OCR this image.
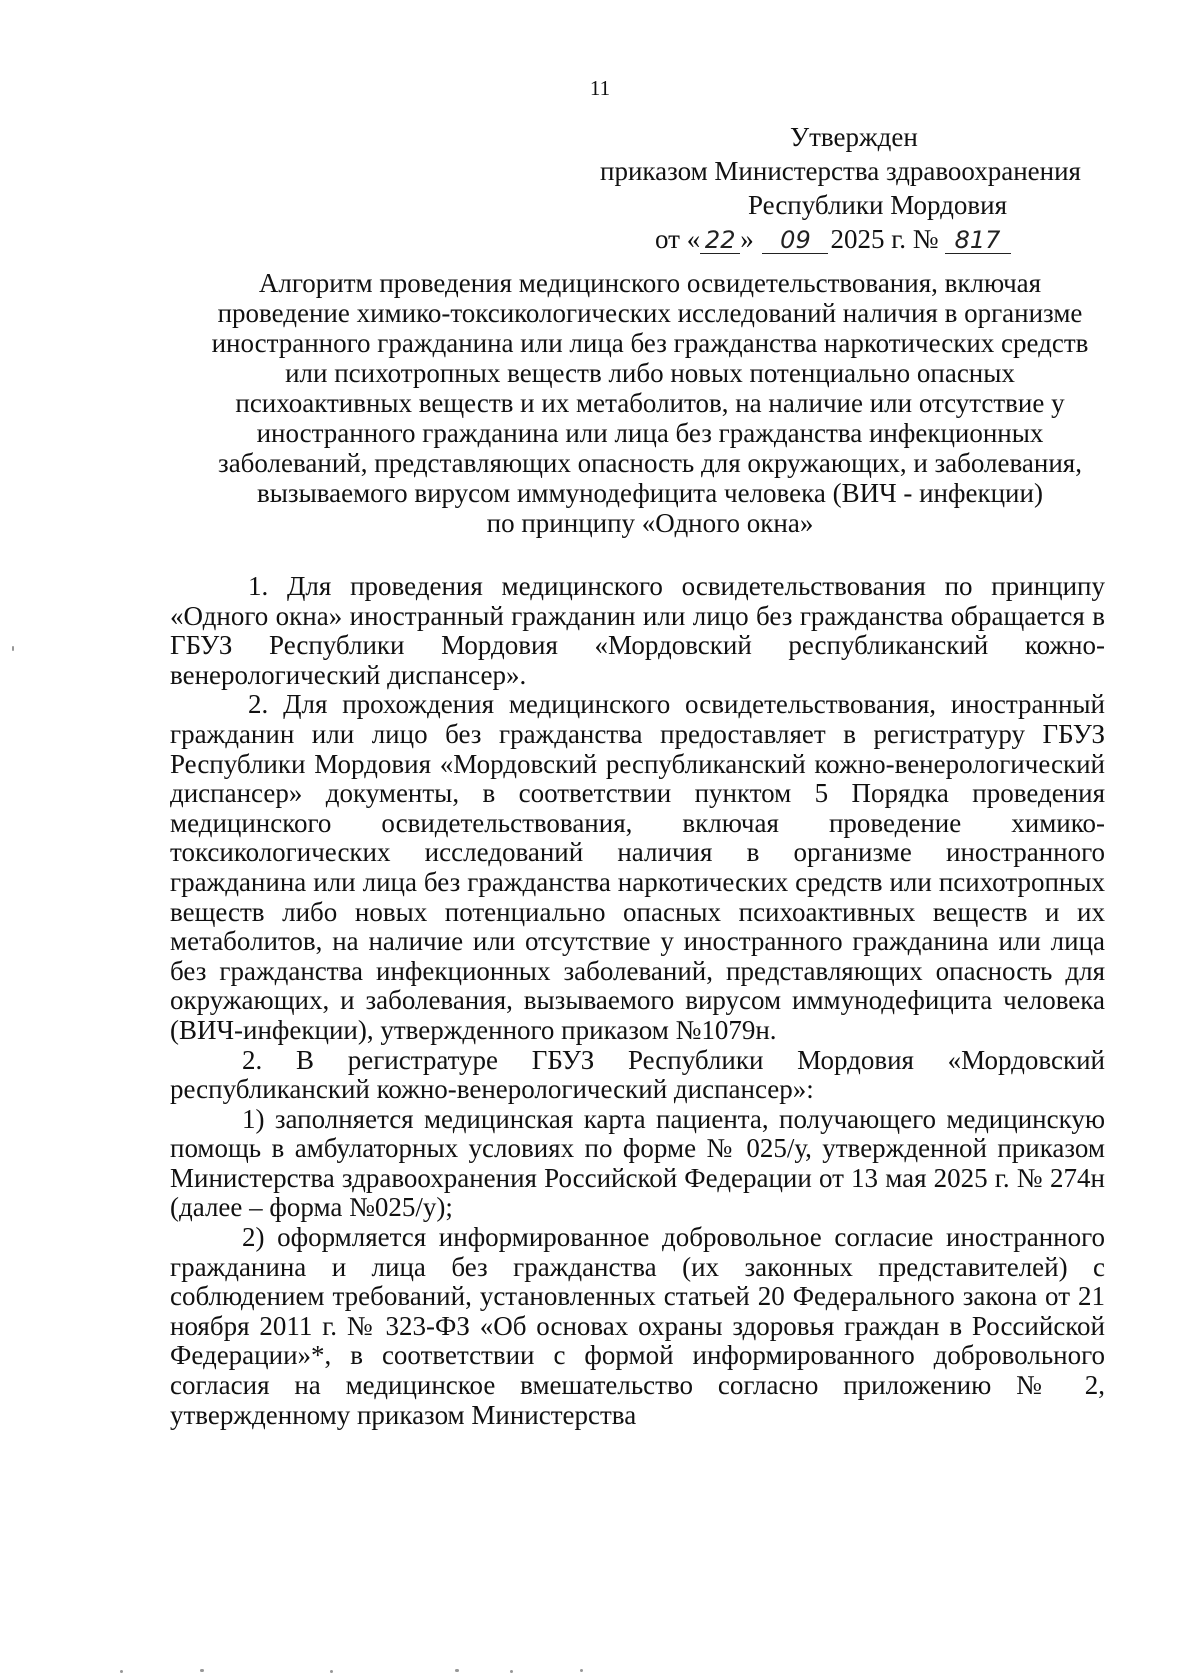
11
Утвержден
приказом Министерства здравоохранения
Республики Мордовия
от « 22 » 09 2025 г. № 817
Алгоритм проведения медицинского освидетельствования, включая
проведение химико-токсикологических исследований наличия в организме
иностранного гражданина или лица без гражданства наркотических средств
или психотропных веществ либо новых потенциально опасных
психоактивных веществ и их метаболитов, на наличие или отсутствие у
иностранного гражданина или лица без гражданства инфекционных
заболеваний, представляющих опасность для окружающих, и заболевания,
вызываемого вирусом иммунодефицита человека (ВИЧ - инфекции)
по принципу «Одного окна»

1. Для проведения медицинского освидетельствования по принципу «Одного окна» иностранный гражданин или лицо без гражданства обращается в ГБУЗ Республики Мордовия «Мордовский республиканский кожно-венерологический диспансер».

2. Для прохождения медицинского освидетельствования, иностранный гражданин или лицо без гражданства предоставляет в регистратуру ГБУЗ Республики Мордовия «Мордовский республиканский кожно-венерологический диспансер» документы, в соответствии пунктом 5 Порядка проведения медицинского освидетельствования, включая проведение химико-токсикологических исследований наличия в организме иностранного гражданина или лица без гражданства наркотических средств или психотропных веществ либо новых потенциально опасных психоактивных веществ и их метаболитов, на наличие или отсутствие у иностранного гражданина или лица без гражданства инфекционных заболеваний, представляющих опасность для окружающих, и заболевания, вызываемого вирусом иммунодефицита человека (ВИЧ-инфекции), утвержденного приказом №1079н.

2. В регистратуре ГБУЗ Республики Мордовия «Мордовский республиканский кожно-венерологический диспансер»:

1) заполняется медицинская карта пациента, получающего медицинскую помощь в амбулаторных условиях по форме № 025/у, утвержденной приказом Министерства здравоохранения Российской Федерации от 13 мая 2025 г. № 274н (далее – форма №025/у);

2) оформляется информированное добровольное согласие иностранного гражданина и лица без гражданства (их законных представителей) с соблюдением требований, установленных статьей 20 Федерального закона от 21 ноября 2011 г. № 323-ФЗ «Об основах охраны здоровья граждан в Российской Федерации»*, в соответствии с формой информированного добровольного согласия на медицинское вмешательство согласно приложению № 2, утвержденному приказом Министерства
